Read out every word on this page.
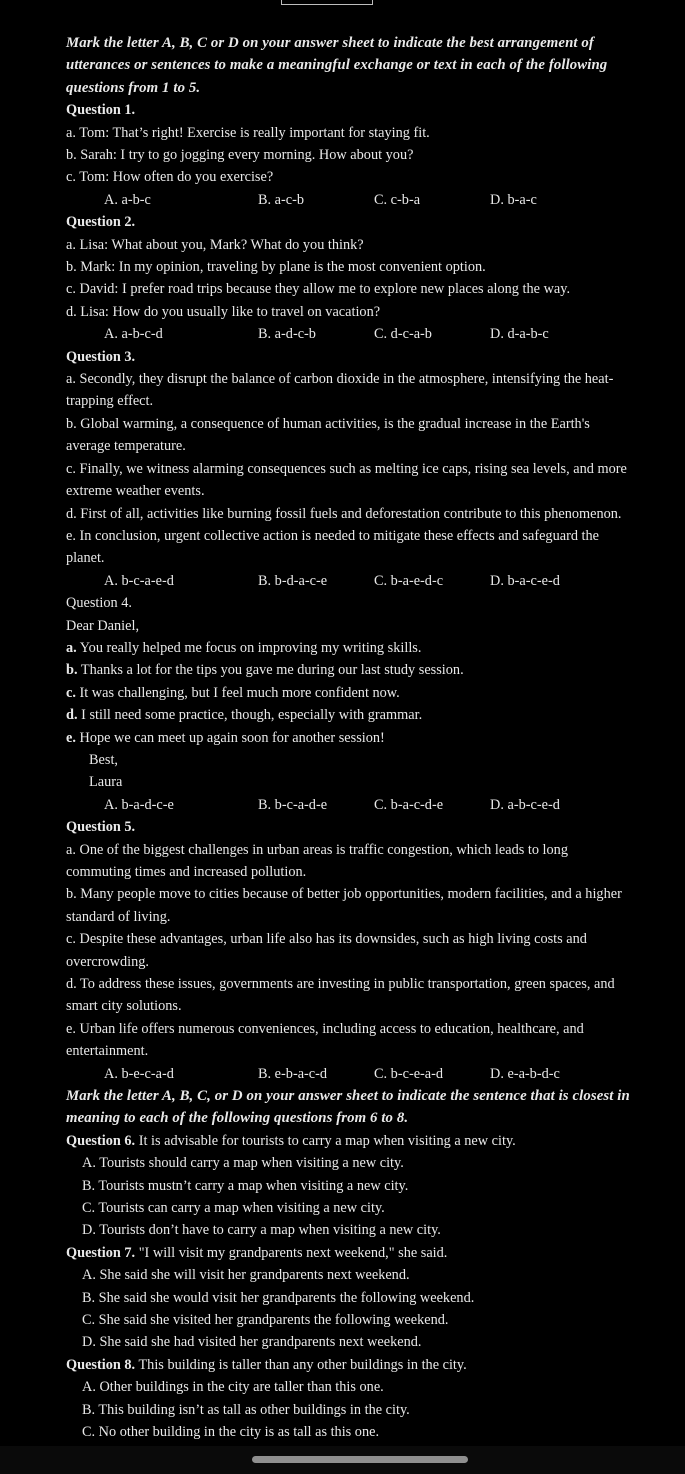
Mark the letter A, B, C or D on your answer sheet to indicate the best arrangement of utterances or sentences to make a meaningful exchange or text in each of the following questions from 1 to 5.
Question 1.
a. Tom: That’s right! Exercise is really important for staying fit.
b. Sarah: I try to go jogging every morning. How about you?
c. Tom: How often do you exercise?
A. a-b-c	B. a-c-b	C. c-b-a	D. b-a-c
Question 2.
a. Lisa: What about you, Mark? What do you think?
b. Mark: In my opinion, traveling by plane is the most convenient option.
c. David: I prefer road trips because they allow me to explore new places along the way.
d. Lisa: How do you usually like to travel on vacation?
A. a-b-c-d	B. a-d-c-b	C. d-c-a-b	D. d-a-b-c
Question 3.
a. Secondly, they disrupt the balance of carbon dioxide in the atmosphere, intensifying the heat-trapping effect.
b. Global warming, a consequence of human activities, is the gradual increase in the Earth's average temperature.
c. Finally, we witness alarming consequences such as melting ice caps, rising sea levels, and more extreme weather events.
d. First of all, activities like burning fossil fuels and deforestation contribute to this phenomenon.
e. In conclusion, urgent collective action is needed to mitigate these effects and safeguard the planet.
A. b-c-a-e-d	B. b-d-a-c-e	C. b-a-e-d-c	D. b-a-c-e-d
Question 4.
Dear Daniel,
a. You really helped me focus on improving my writing skills.
b. Thanks a lot for the tips you gave me during our last study session.
c. It was challenging, but I feel much more confident now.
d. I still need some practice, though, especially with grammar.
e. Hope we can meet up again soon for another session!
Best,
Laura
A. b-a-d-c-e	B. b-c-a-d-e	C. b-a-c-d-e	D. a-b-c-e-d
Question 5.
a. One of the biggest challenges in urban areas is traffic congestion, which leads to long commuting times and increased pollution.
b. Many people move to cities because of better job opportunities, modern facilities, and a higher standard of living.
c. Despite these advantages, urban life also has its downsides, such as high living costs and overcrowding.
d. To address these issues, governments are investing in public transportation, green spaces, and smart city solutions.
e. Urban life offers numerous conveniences, including access to education, healthcare, and entertainment.
A. b-e-c-a-d	B. e-b-a-c-d	C. b-c-e-a-d	D. e-a-b-d-c
Mark the letter A, B, C, or D on your answer sheet to indicate the sentence that is closest in meaning to each of the following questions from 6 to 8.
Question 6. It is advisable for tourists to carry a map when visiting a new city.
A. Tourists should carry a map when visiting a new city.
B. Tourists mustn’t carry a map when visiting a new city.
C. Tourists can carry a map when visiting a new city.
D. Tourists don’t have to carry a map when visiting a new city.
Question 7. "I will visit my grandparents next weekend," she said.
A. She said she will visit her grandparents next weekend.
B. She said she would visit her grandparents the following weekend.
C. She said she visited her grandparents the following weekend.
D. She said she had visited her grandparents next weekend.
Question 8. This building is taller than any other buildings in the city.
A. Other buildings in the city are taller than this one.
B. This building isn’t as tall as other buildings in the city.
C. No other building in the city is as tall as this one.
